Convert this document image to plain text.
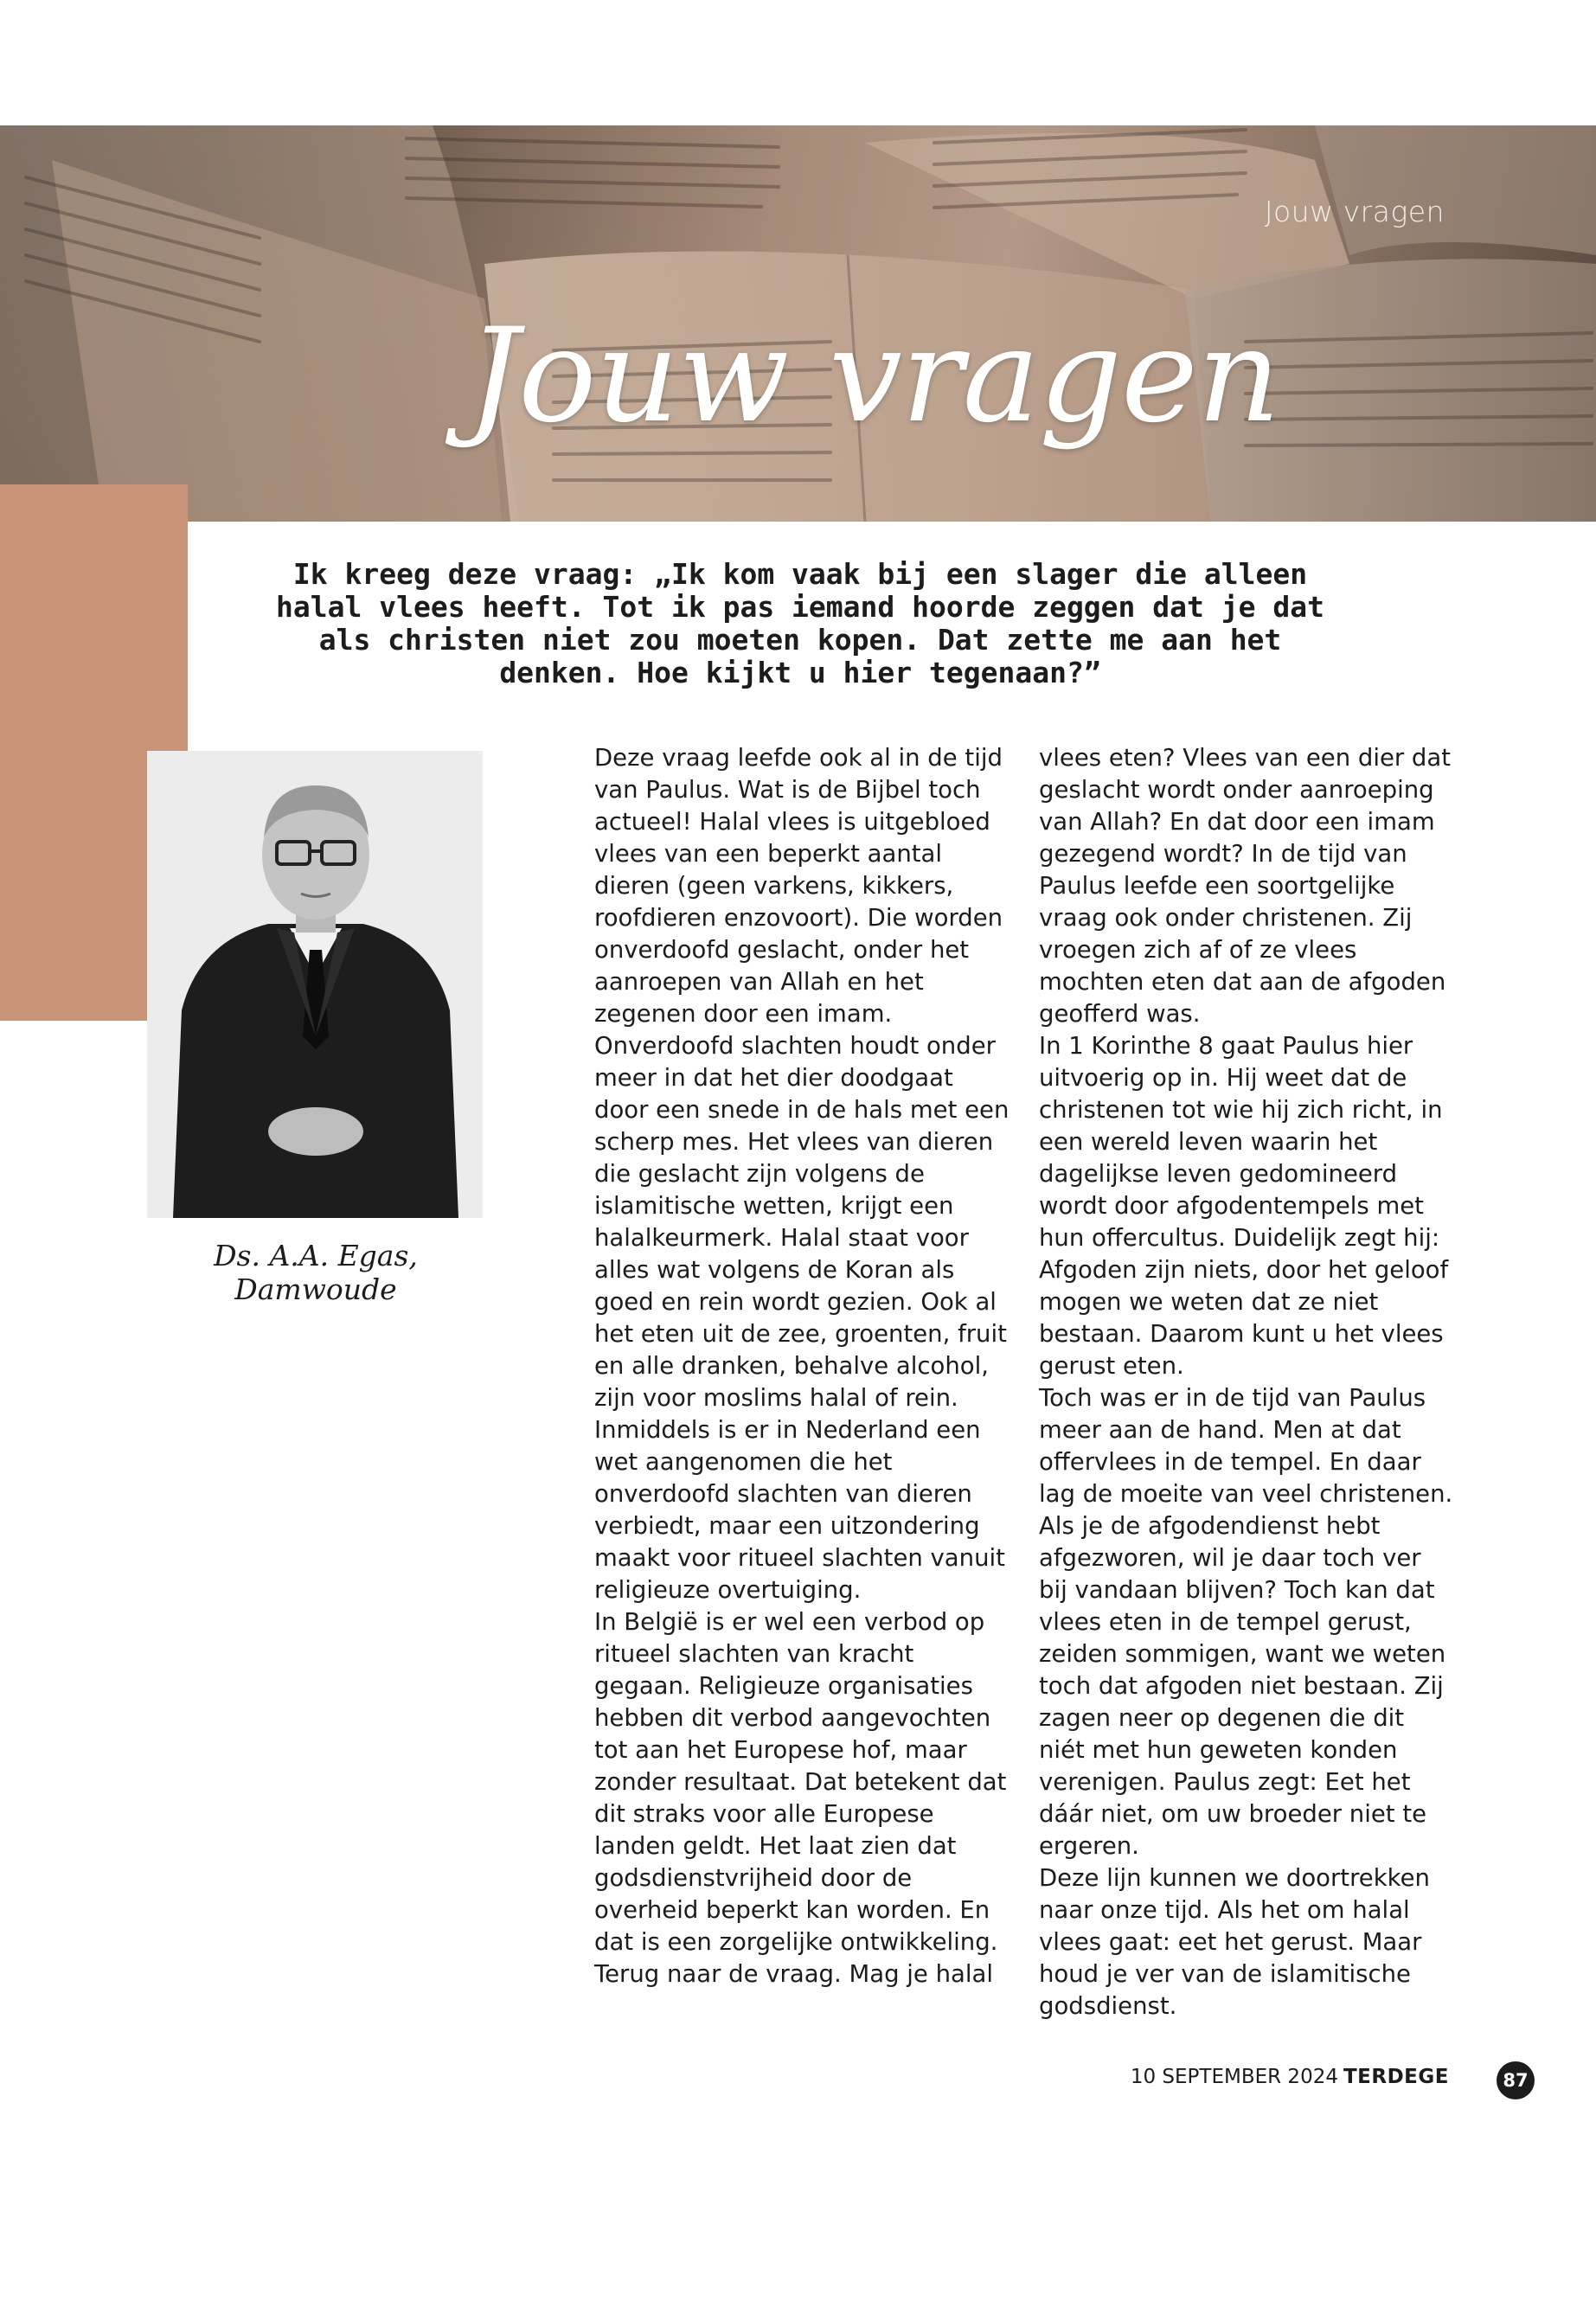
Jouw vragen
Jouw vragen
Ik kreeg deze vraag: „Ik kom vaak bij een slager die alleen halal vlees heeft. Tot ik pas iemand hoorde zeggen dat je dat als christen niet zou moeten kopen. Dat zette me aan het denken. Hoe kijkt u hier tegenaan?”
Ds. A.A. Egas, Damwoude

Deze vraag leefde ook al in de tijd van Paulus. Wat is de Bijbel toch actueel! Halal vlees is uitgebloed vlees van een beperkt aantal dieren (geen varkens, kikkers, roofdieren enzovoort). Die worden onverdoofd geslacht, onder het aanroepen van Allah en het zegenen door een imam. Onverdoofd slachten houdt onder meer in dat het dier doodgaat door een snede in de hals met een scherp mes. Het vlees van dieren die geslacht zijn volgens de islamitische wetten, krijgt een halalkeurmerk. Halal staat voor alles wat volgens de Koran als goed en rein wordt gezien. Ook al het eten uit de zee, groenten, fruit en alle dranken, behalve alcohol, zijn voor moslims halal of rein.

Inmiddels is er in Nederland een wet aangenomen die het onverdoofd slachten van dieren verbiedt, maar een uitzondering maakt voor ritueel slachten vanuit religieuze overtuiging.

In België is er wel een verbod op ritueel slachten van kracht gegaan. Religieuze organisaties hebben dit verbod aangevochten tot aan het Europese hof, maar zonder resultaat. Dat betekent dat dit straks voor alle Europese landen geldt. Het laat zien dat godsdienstvrijheid door de overheid beperkt kan worden. En dat is een zorgelijke ontwikkeling.

Terug naar de vraag. Mag je halal

vlees eten? Vlees van een dier dat geslacht wordt onder aanroeping van Allah? En dat door een imam gezegend wordt? In de tijd van Paulus leefde een soortgelijke vraag ook onder christenen. Zij vroegen zich af of ze vlees mochten eten dat aan de afgoden geofferd was.

In 1 Korinthe 8 gaat Paulus hier uitvoerig op in. Hij weet dat de christenen tot wie hij zich richt, in een wereld leven waarin het dagelijkse leven gedomineerd wordt door afgodentempels met hun offercultus. Duidelijk zegt hij: Afgoden zijn niets, door het geloof mogen we weten dat ze niet bestaan. Daarom kunt u het vlees gerust eten.

Toch was er in de tijd van Paulus meer aan de hand. Men at dat offervlees in de tempel. En daar lag de moeite van veel christenen. Als je de afgodendienst hebt afgezworen, wil je daar toch ver bij vandaan blijven? Toch kan dat vlees eten in de tempel gerust, zeiden sommigen, want we weten toch dat afgoden niet bestaan. Zij zagen neer op degenen die dit niét met hun geweten konden verenigen. Paulus zegt: Eet het dáár niet, om uw broeder niet te ergeren.

Deze lijn kunnen we doortrekken naar onze tijd. Als het om halal vlees gaat: eet het gerust. Maar houd je ver van de islamitische godsdienst.

10 SEPTEMBER 2024 TERDEGE	87
